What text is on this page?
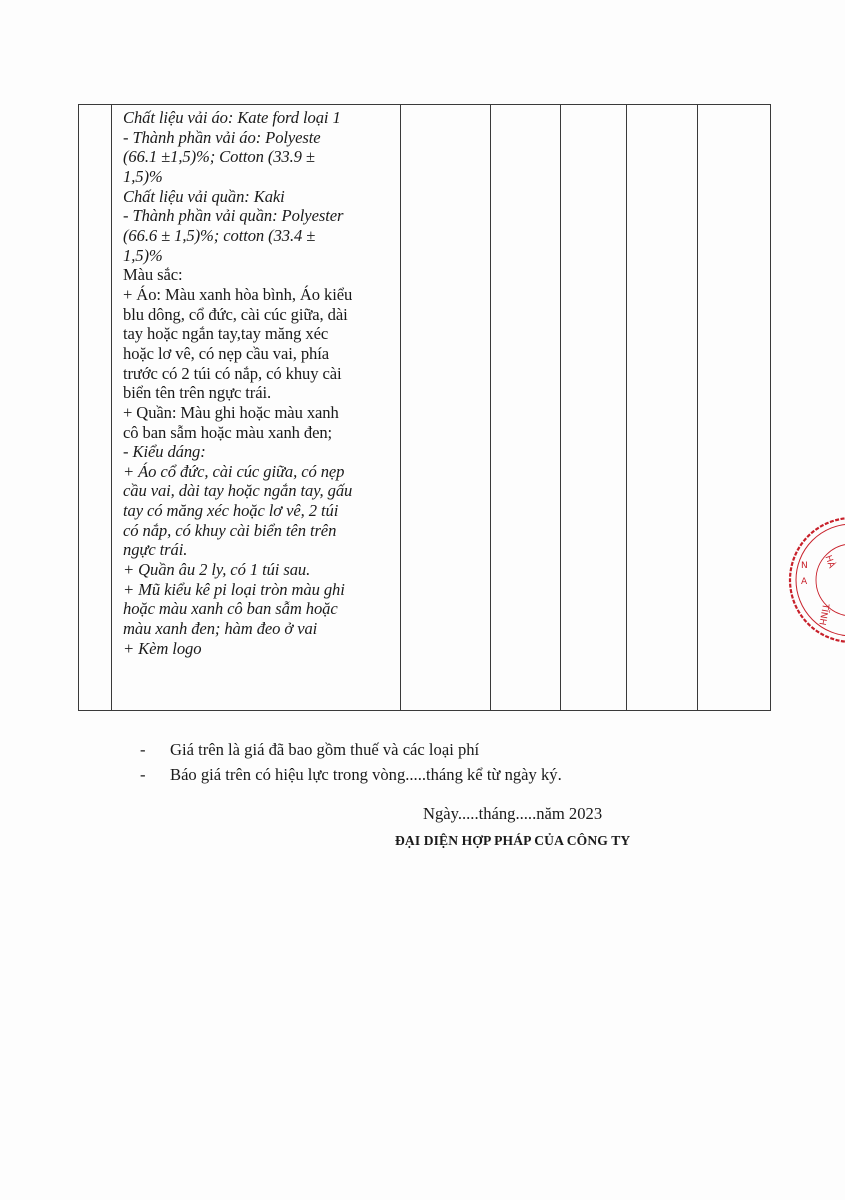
Chất liệu vải áo: Kate ford loại 1
- Thành phần vải áo: Polyeste
(66.1 ±1,5)%; Cotton (33.9 ±
1,5)%
Chất liệu vải quần: Kaki
- Thành phần vải quần: Polyester
(66.6 ± 1,5)%; cotton (33.4 ±
1,5)%
Màu sắc:
+ Áo: Màu xanh hòa bình, Áo kiểu
blu dông, cổ đức, cài cúc giữa, dài
tay hoặc ngắn tay,tay măng xéc
hoặc lơ vê, có nẹp cầu vai, phía
trước có 2 túi có nắp, có khuy cài
biển tên trên ngực trái.
+ Quần: Màu ghi hoặc màu xanh
cô ban sẫm hoặc màu xanh đen;
- Kiểu dáng:
+ Áo cổ đức, cài cúc giữa, có nẹp
cầu vai, dài tay hoặc ngắn tay, gấu
tay có măng xéc hoặc lơ vê, 2 túi
có nắp, có khuy cài biển tên trên
ngực trái.
+ Quần âu 2 ly, có 1 túi sau.
+ Mũ kiểu kê pi loại tròn màu ghi
hoặc màu xanh cô ban sẫm hoặc
màu xanh đen; hàm đeo ở vai
+ Kèm logo

- Giá trên là giá đã bao gồm thuế và các loại phí
- Báo giá trên có hiệu lực trong vòng.....tháng kể từ ngày ký.
Ngày.....tháng.....năm 2023
ĐẠI DIỆN HỢP PHÁP CỦA CÔNG TY
N
A
HÀ
TĨNH
